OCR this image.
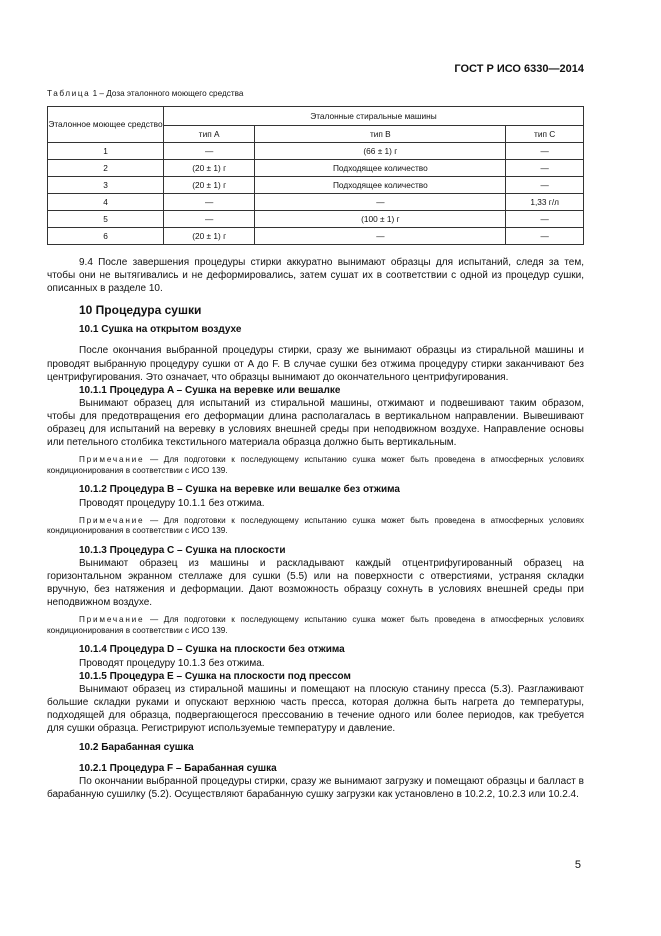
ГОСТ Р ИСО 6330—2014
Таблица 1 – Доза эталонного моющего средства
Эталонное моющее средство	Эталонные стиральные машины		
	тип A	тип B	тип C
1	—	(66 ± 1) г	—
2	(20 ± 1) г	Подходящее количество	—
3	(20 ± 1) г	Подходящее количество	—
4	—	—	1,33 г/л
5	—	(100 ± 1) г	—
6	(20 ± 1) г	—	—

9.4 После завершения процедуры стирки аккуратно вынимают образцы для испытаний, следя за тем, чтобы они не вытягивались и не деформировались, затем сушат их в соответствии с одной из процедур сушки, описанных в разделе 10.

10 Процедура сушки
10.1 Сушка на открытом воздухе

После окончания выбранной процедуры стирки, сразу же вынимают образцы из стиральной машины и проводят выбранную процедуру сушки от A до F. В случае сушки без отжима процедуру стирки заканчивают без центрифугирования. Это означает, что образцы вынимают до окончательного центрифугирования.

10.1.1 Процедура A – Сушка на веревке или вешалке

Вынимают образец для испытаний из стиральной машины, отжимают и подвешивают таким образом, чтобы для предотвращения его деформации длина располагалась в вертикальном направлении. Вывешивают образец для испытаний на веревку в условиях внешней среды при неподвижном воздухе. Направление основы или петельного столбика текстильного материала образца должно быть вертикальным.

Примечание — Для подготовки к последующему испытанию сушка может быть проведена в атмосферных условиях кондиционирования в соответствии с ИСО 139.

10.1.2 Процедура B – Сушка на веревке или вешалке без отжима

Проводят процедуру 10.1.1 без отжима.

Примечание — Для подготовки к последующему испытанию сушка может быть проведена в атмосферных условиях кондиционирования в соответствии с ИСО 139.

10.1.3 Процедура C – Сушка на плоскости

Вынимают образец из машины и раскладывают каждый отцентрифугированный образец на горизонтальном экранном стеллаже для сушки (5.5) или на поверхности с отверстиями, устраняя складки вручную, без натяжения и деформации. Дают возможность образцу сохнуть в условиях внешней среды при неподвижном воздухе.

Примечание — Для подготовки к последующему испытанию сушка может быть проведена в атмосферных условиях кондиционирования в соответствии с ИСО 139.

10.1.4 Процедура D – Сушка на плоскости без отжима

Проводят процедуру 10.1.3 без отжима.

10.1.5 Процедура E – Сушка на плоскости под прессом

Вынимают образец из стиральной машины и помещают на плоскую станину пресса (5.3). Разглаживают большие складки руками и опускают верхнюю часть пресса, которая должна быть нагрета до температуры, подходящей для образца, подвергающегося прессованию в течение одного или более периодов, как требуется для сушки образца. Регистрируют используемые температуру и давление.

10.2 Барабанная сушка

10.2.1 Процедура F – Барабанная сушка

По окончании выбранной процедуры стирки, сразу же вынимают загрузку и помещают образцы и балласт в барабанную сушилку (5.2). Осуществляют барабанную сушку загрузки как установлено в 10.2.2, 10.2.3 или 10.2.4.

5
